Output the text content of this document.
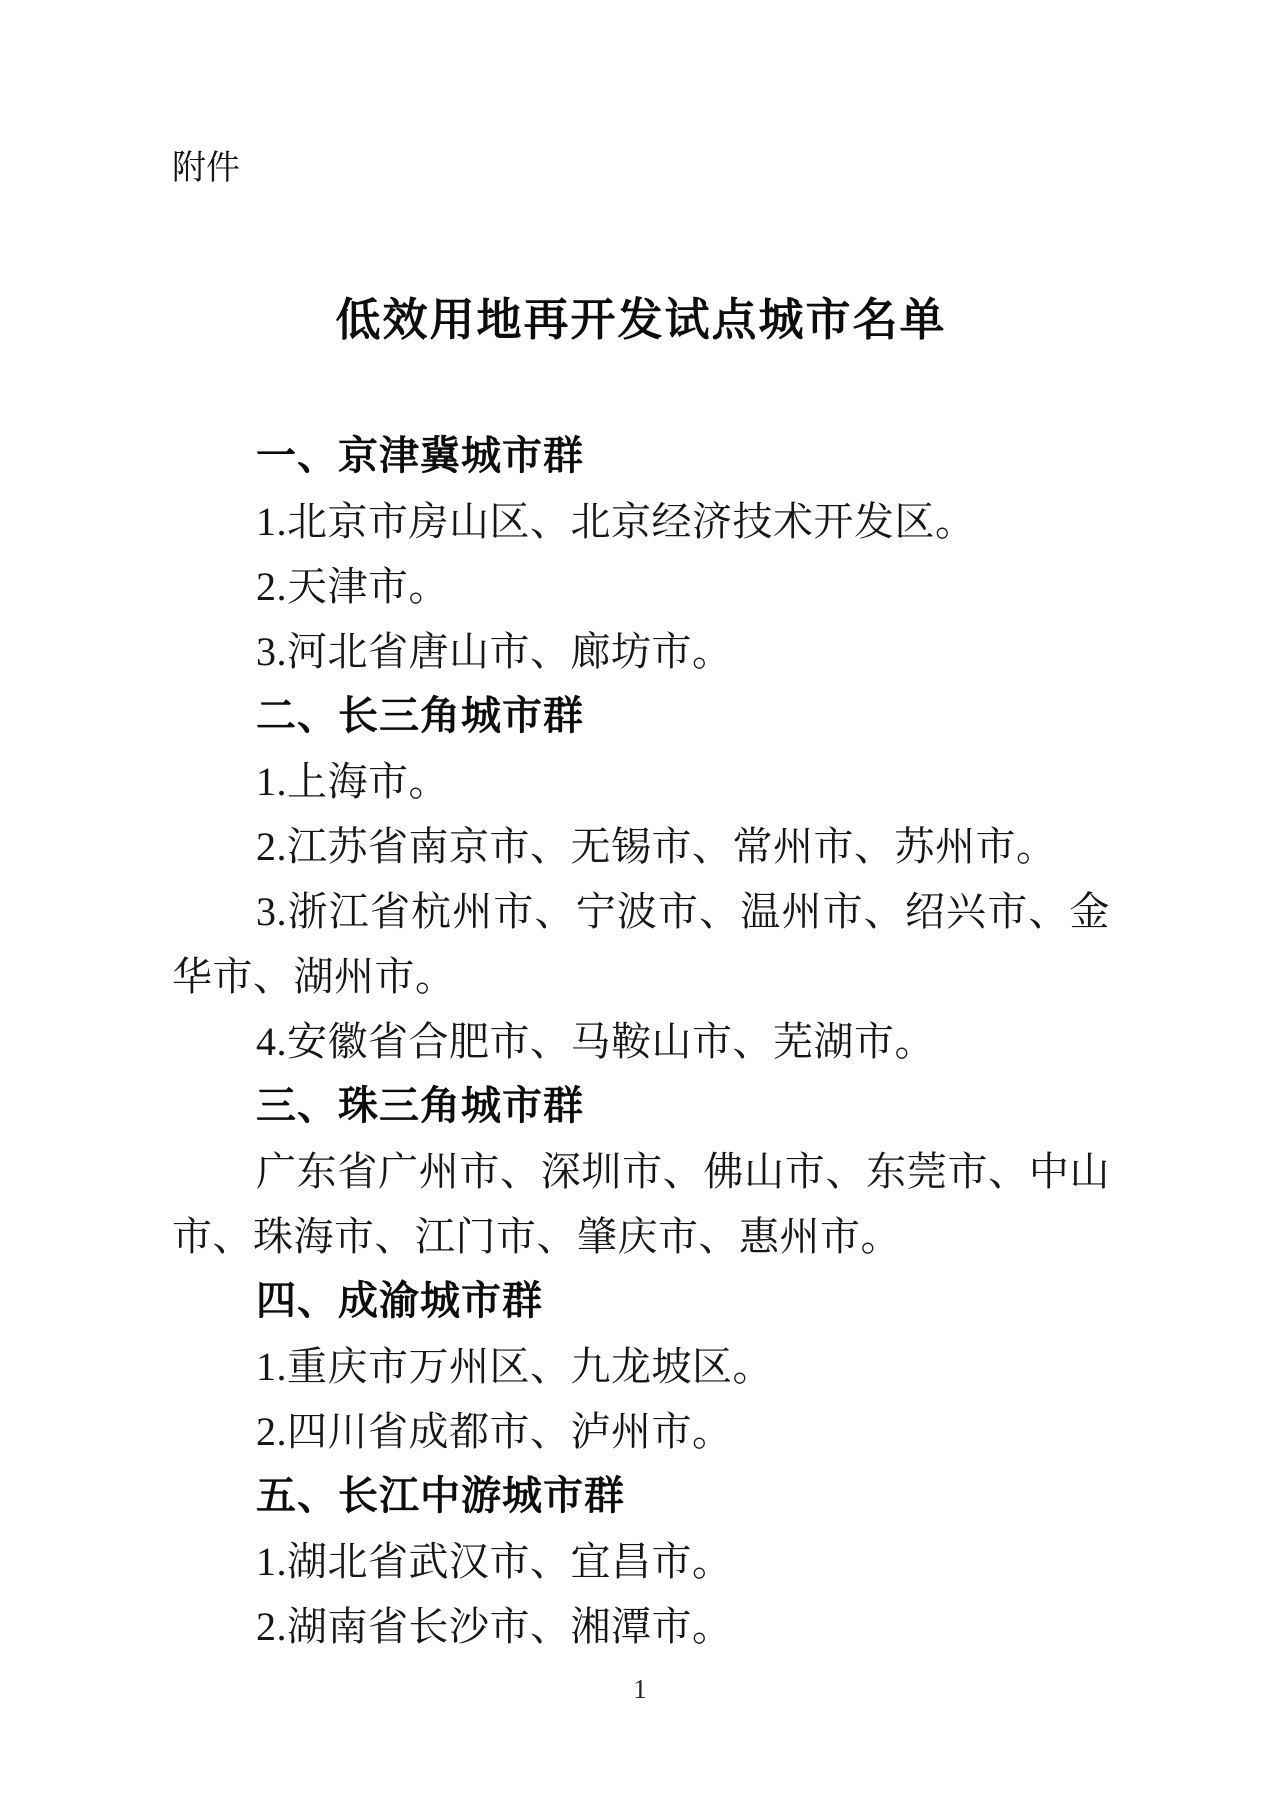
附件
低效用地再开发试点城市名单
一、京津冀城市群

1.北京市房山区、北京经济技术开发区。

2.天津市。

3.河北省唐山市、廊坊市。

二、长三角城市群

1.上海市。

2.江苏省南京市、无锡市、常州市、苏州市。

3.浙江省杭州市、宁波市、温州市、绍兴市、金华市、湖州市。

4.安徽省合肥市、马鞍山市、芜湖市。

三、珠三角城市群

广东省广州市、深圳市、佛山市、东莞市、中山市、珠海市、江门市、肇庆市、惠州市。

四、成渝城市群

1.重庆市万州区、九龙坡区。

2.四川省成都市、泸州市。

五、长江中游城市群

1.湖北省武汉市、宜昌市。

2.湖南省长沙市、湘潭市。

1
